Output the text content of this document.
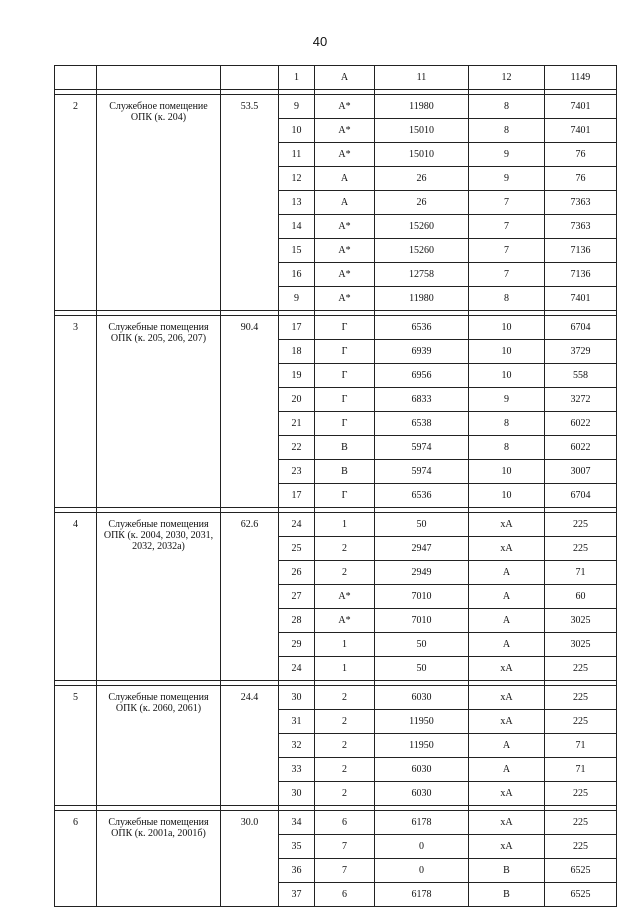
40
			1	A	11	12	1149

2	Служебное помещение ОПК (к. 204)	53.5	9	А*	11980	8	7401
			10	А*	15010	8	7401
			11	А*	15010	9	76
			12	А	26	9	76
			13	А	26	7	7363
			14	А*	15260	7	7363
			15	А*	15260	7	7136
			16	А*	12758	7	7136
			9	А*	11980	8	7401

3	Служебные помещения ОПК (к. 205, 206, 207)	90.4	17	Г	6536	10	6704
			18	Г	6939	10	3729
			19	Г	6956	10	558
			20	Г	6833	9	3272
			21	Г	6538	8	6022
			22	В	5974	8	6022
			23	В	5974	10	3007
			17	Г	6536	10	6704

4	Служебные помещения ОПК (к. 2004, 2030, 2031, 2032, 2032а)	62.6	24	1	50	хА	225
			25	2	2947	хА	225
			26	2	2949	А	71
			27	А*	7010	А	60
			28	А*	7010	А	3025
			29	1	50	А	3025
			24	1	50	хА	225

5	Служебные помещения ОПК (к. 2060, 2061)	24.4	30	2	6030	хА	225
			31	2	11950	хА	225
			32	2	11950	А	71
			33	2	6030	А	71
			30	2	6030	хА	225

6	Служебные помещения ОПК (к. 2001а, 2001б)	30.0	34	6	6178	хА	225
			35	7	0	хА	225
			36	7	0	В	6525
			37	6	6178	В	6525
